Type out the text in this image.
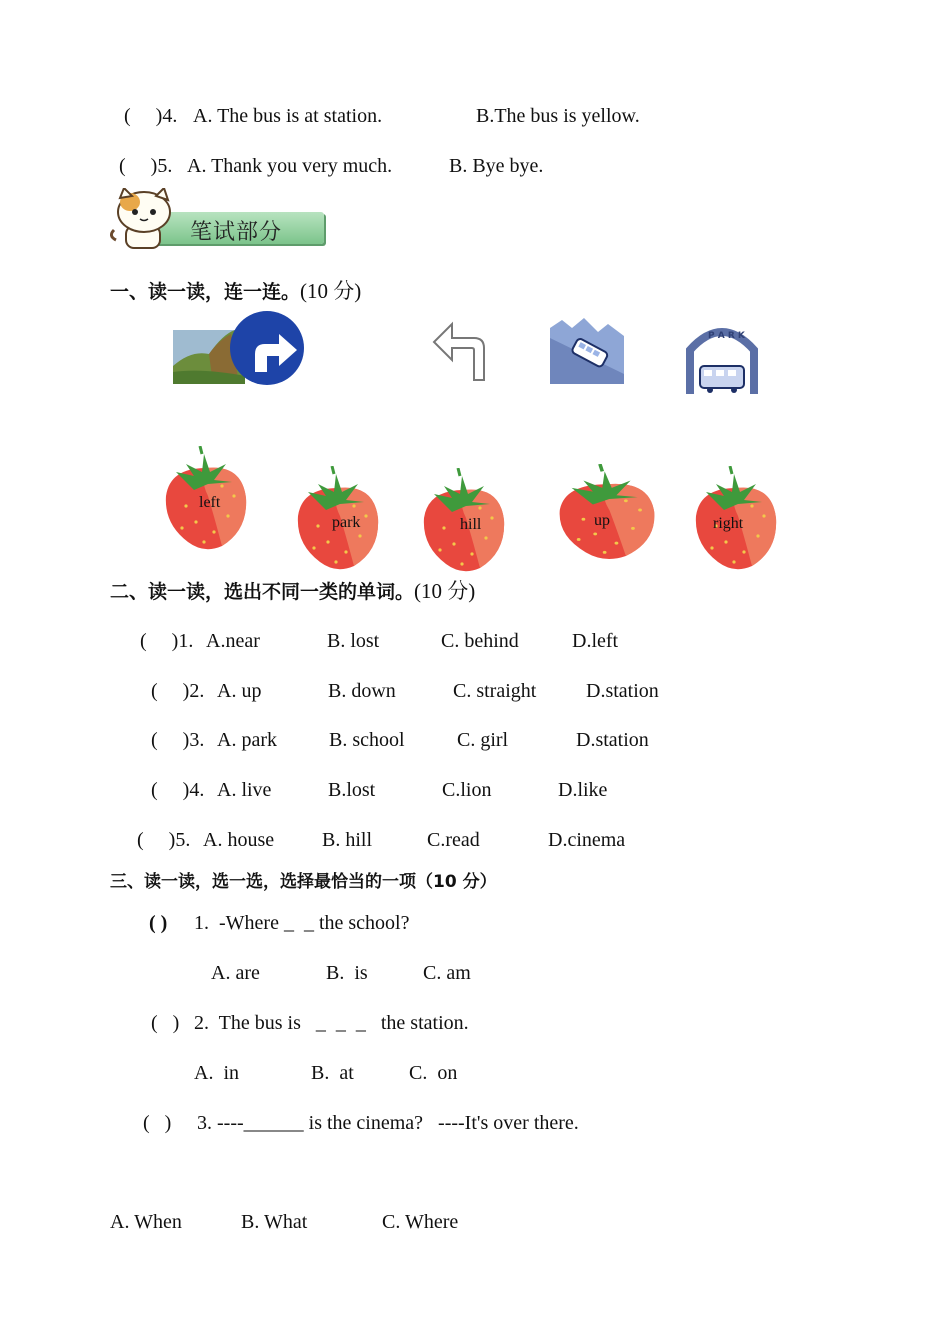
(     )4. A. The bus is at station.	B.The bus is yellow.
(     )5. A. Thank you very much.	B. Bye bye.
笔试部分
一、读一读，连一连。(10 分)
P A R K
left
park	hill	up	right
二、读一读，选出不同一类的单词。(10 分)
(     )1. A.near	B. lost	C. behind	D.left
(     )2. A. up	B. down	C. straight D.station
(     )3. A. park	B. school	C. girl	D.station
(     )4. A. live	B.lost	C.lion	D.like
(     )5. A. house B. hill	C.read	D.cinema
三、读一读，选一选，选择最恰当的一项（10 分）
( ) 1.  -Where _  _ the school?
A. are	B.  is	C. am
(   ) 2.  The bus is   _  _  _   the station.
A.  in	B.  at	C.  on
(   ) 3. ----______ is the cinema?   ----It's over there.
A. When	B. What	C. Where
